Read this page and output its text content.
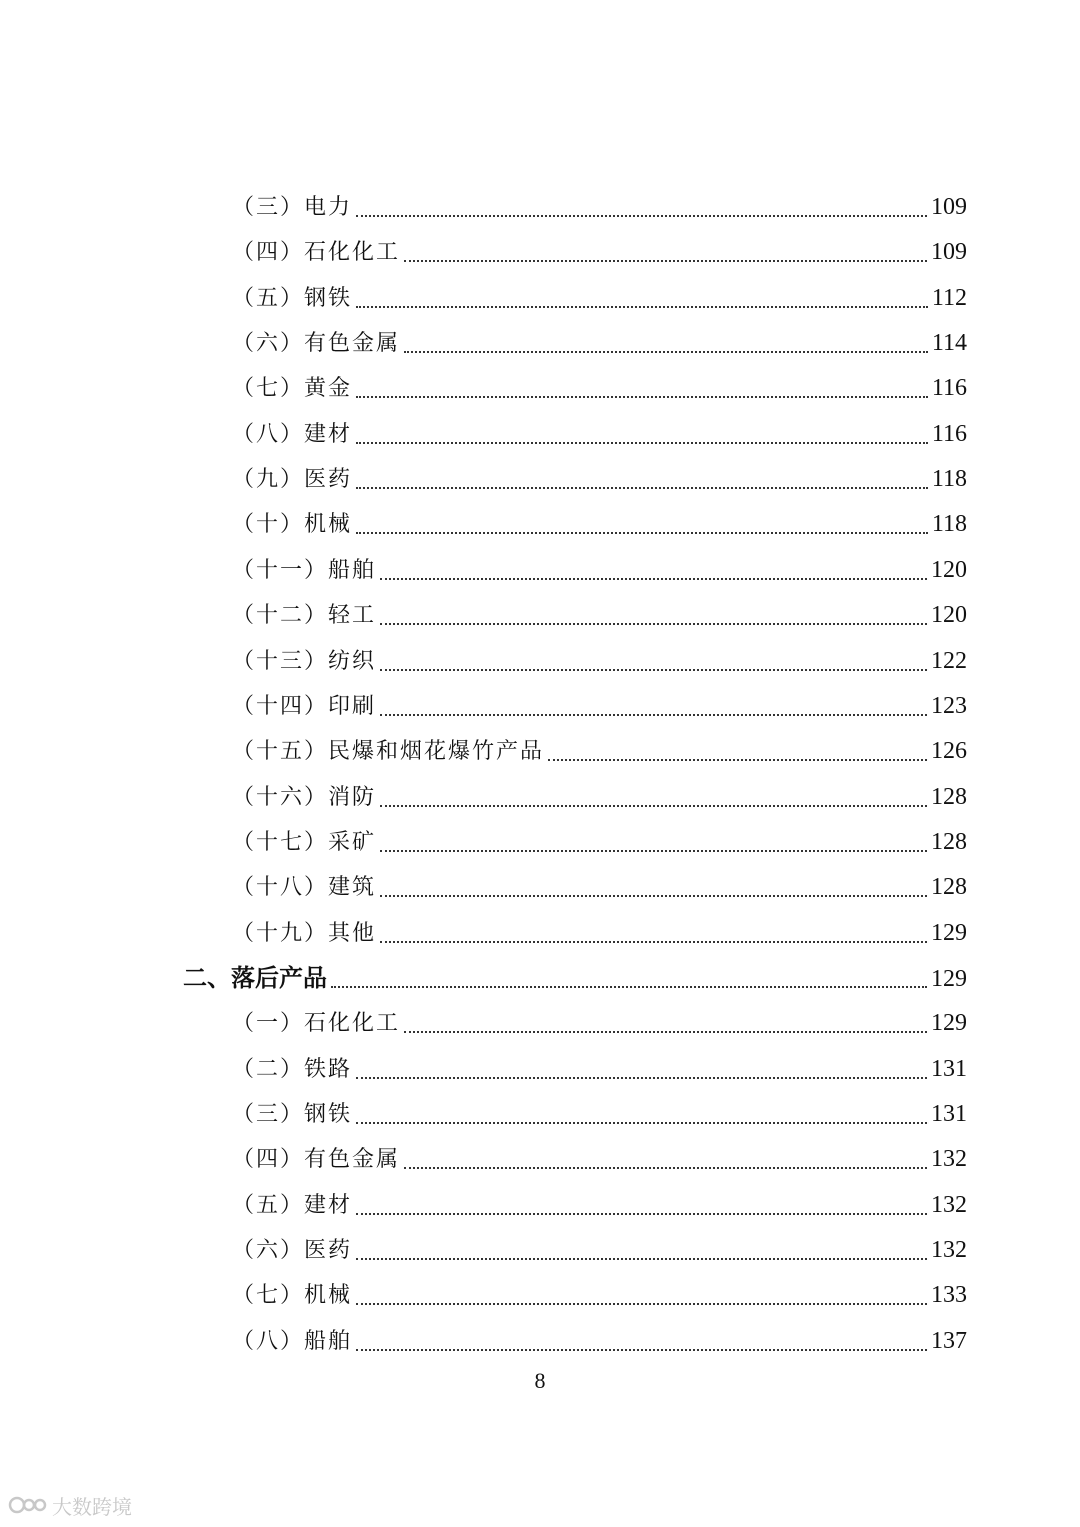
（三）电力	109
（四）石化化工	109
（五）钢铁	112
（六）有色金属	114
（七）黄金	116
（八）建材	116
（九）医药	118
（十）机械	118
（十一）船舶	120
（十二）轻工	120
（十三）纺织	122
（十四）印刷	123
（十五）民爆和烟花爆竹产品	126
（十六）消防	128
（十七）采矿	128
（十八）建筑	128
（十九）其他	129
二、落后产品	129
（一）石化化工	129
（二）铁路	131
（三）钢铁	131
（四）有色金属	132
（五）建材	132
（六）医药	132
（七）机械	133
（八）船舶	137
8
大数跨境
